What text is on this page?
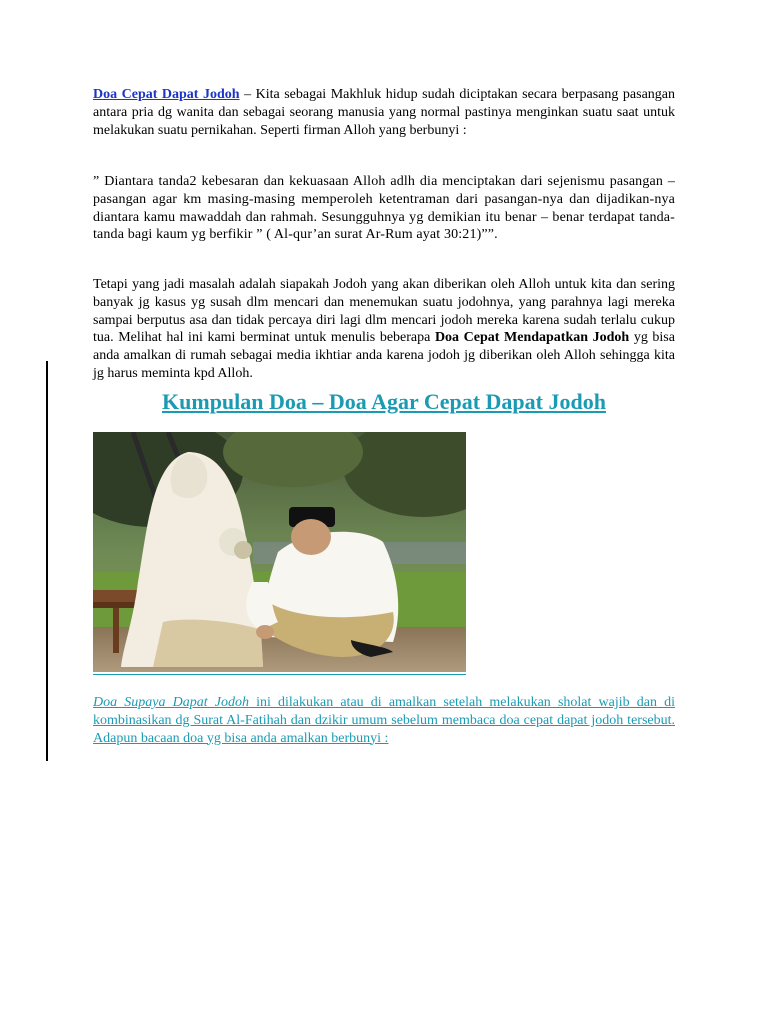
Doa Cepat Dapat Jodoh – Kita sebagai Makhluk hidup sudah diciptakan secara berpasang pasangan antara pria dg wanita dan sebagai seorang manusia yang normal pastinya menginkan suatu saat untuk melakukan suatu pernikahan. Seperti firman Alloh yang berbunyi :

” Diantara tanda2 kebesaran dan kekuasaan Alloh adlh dia menciptakan dari sejenismu pasangan – pasangan agar km masing-masing memperoleh ketentraman dari pasangan-nya dan dijadikan-nya diantara kamu mawaddah dan rahmah. Sesungguhnya yg demikian itu benar – benar terdapat tanda-tanda bagi kaum yg berfikir ” ( Al-qur’an surat Ar-Rum ayat 30:21)””.

Tetapi yang jadi masalah adalah siapakah Jodoh yang akan diberikan oleh Alloh untuk kita dan sering banyak jg kasus yg susah dlm mencari dan menemukan suatu jodohnya, yang parahnya lagi mereka sampai berputus asa dan tidak percaya diri lagi dlm mencari jodoh mereka karena sudah terlalu cukup tua. Melihat hal ini kami berminat untuk menulis beberapa Doa Cepat Mendapatkan Jodoh yg bisa anda amalkan di rumah sebagai media ikhtiar anda karena jodoh jg diberikan oleh Alloh sehingga kita jg harus meminta kpd Alloh.

Kumpulan Doa – Doa Agar Cepat Dapat Jodoh

Doa Supaya Dapat Jodoh ini dilakukan atau di amalkan setelah melakukan sholat wajib dan di kombinasikan dg Surat Al-Fatihah dan dzikir umum sebelum membaca doa cepat dapat jodoh tersebut. Adapun bacaan doa yg bisa anda amalkan berbunyi :
